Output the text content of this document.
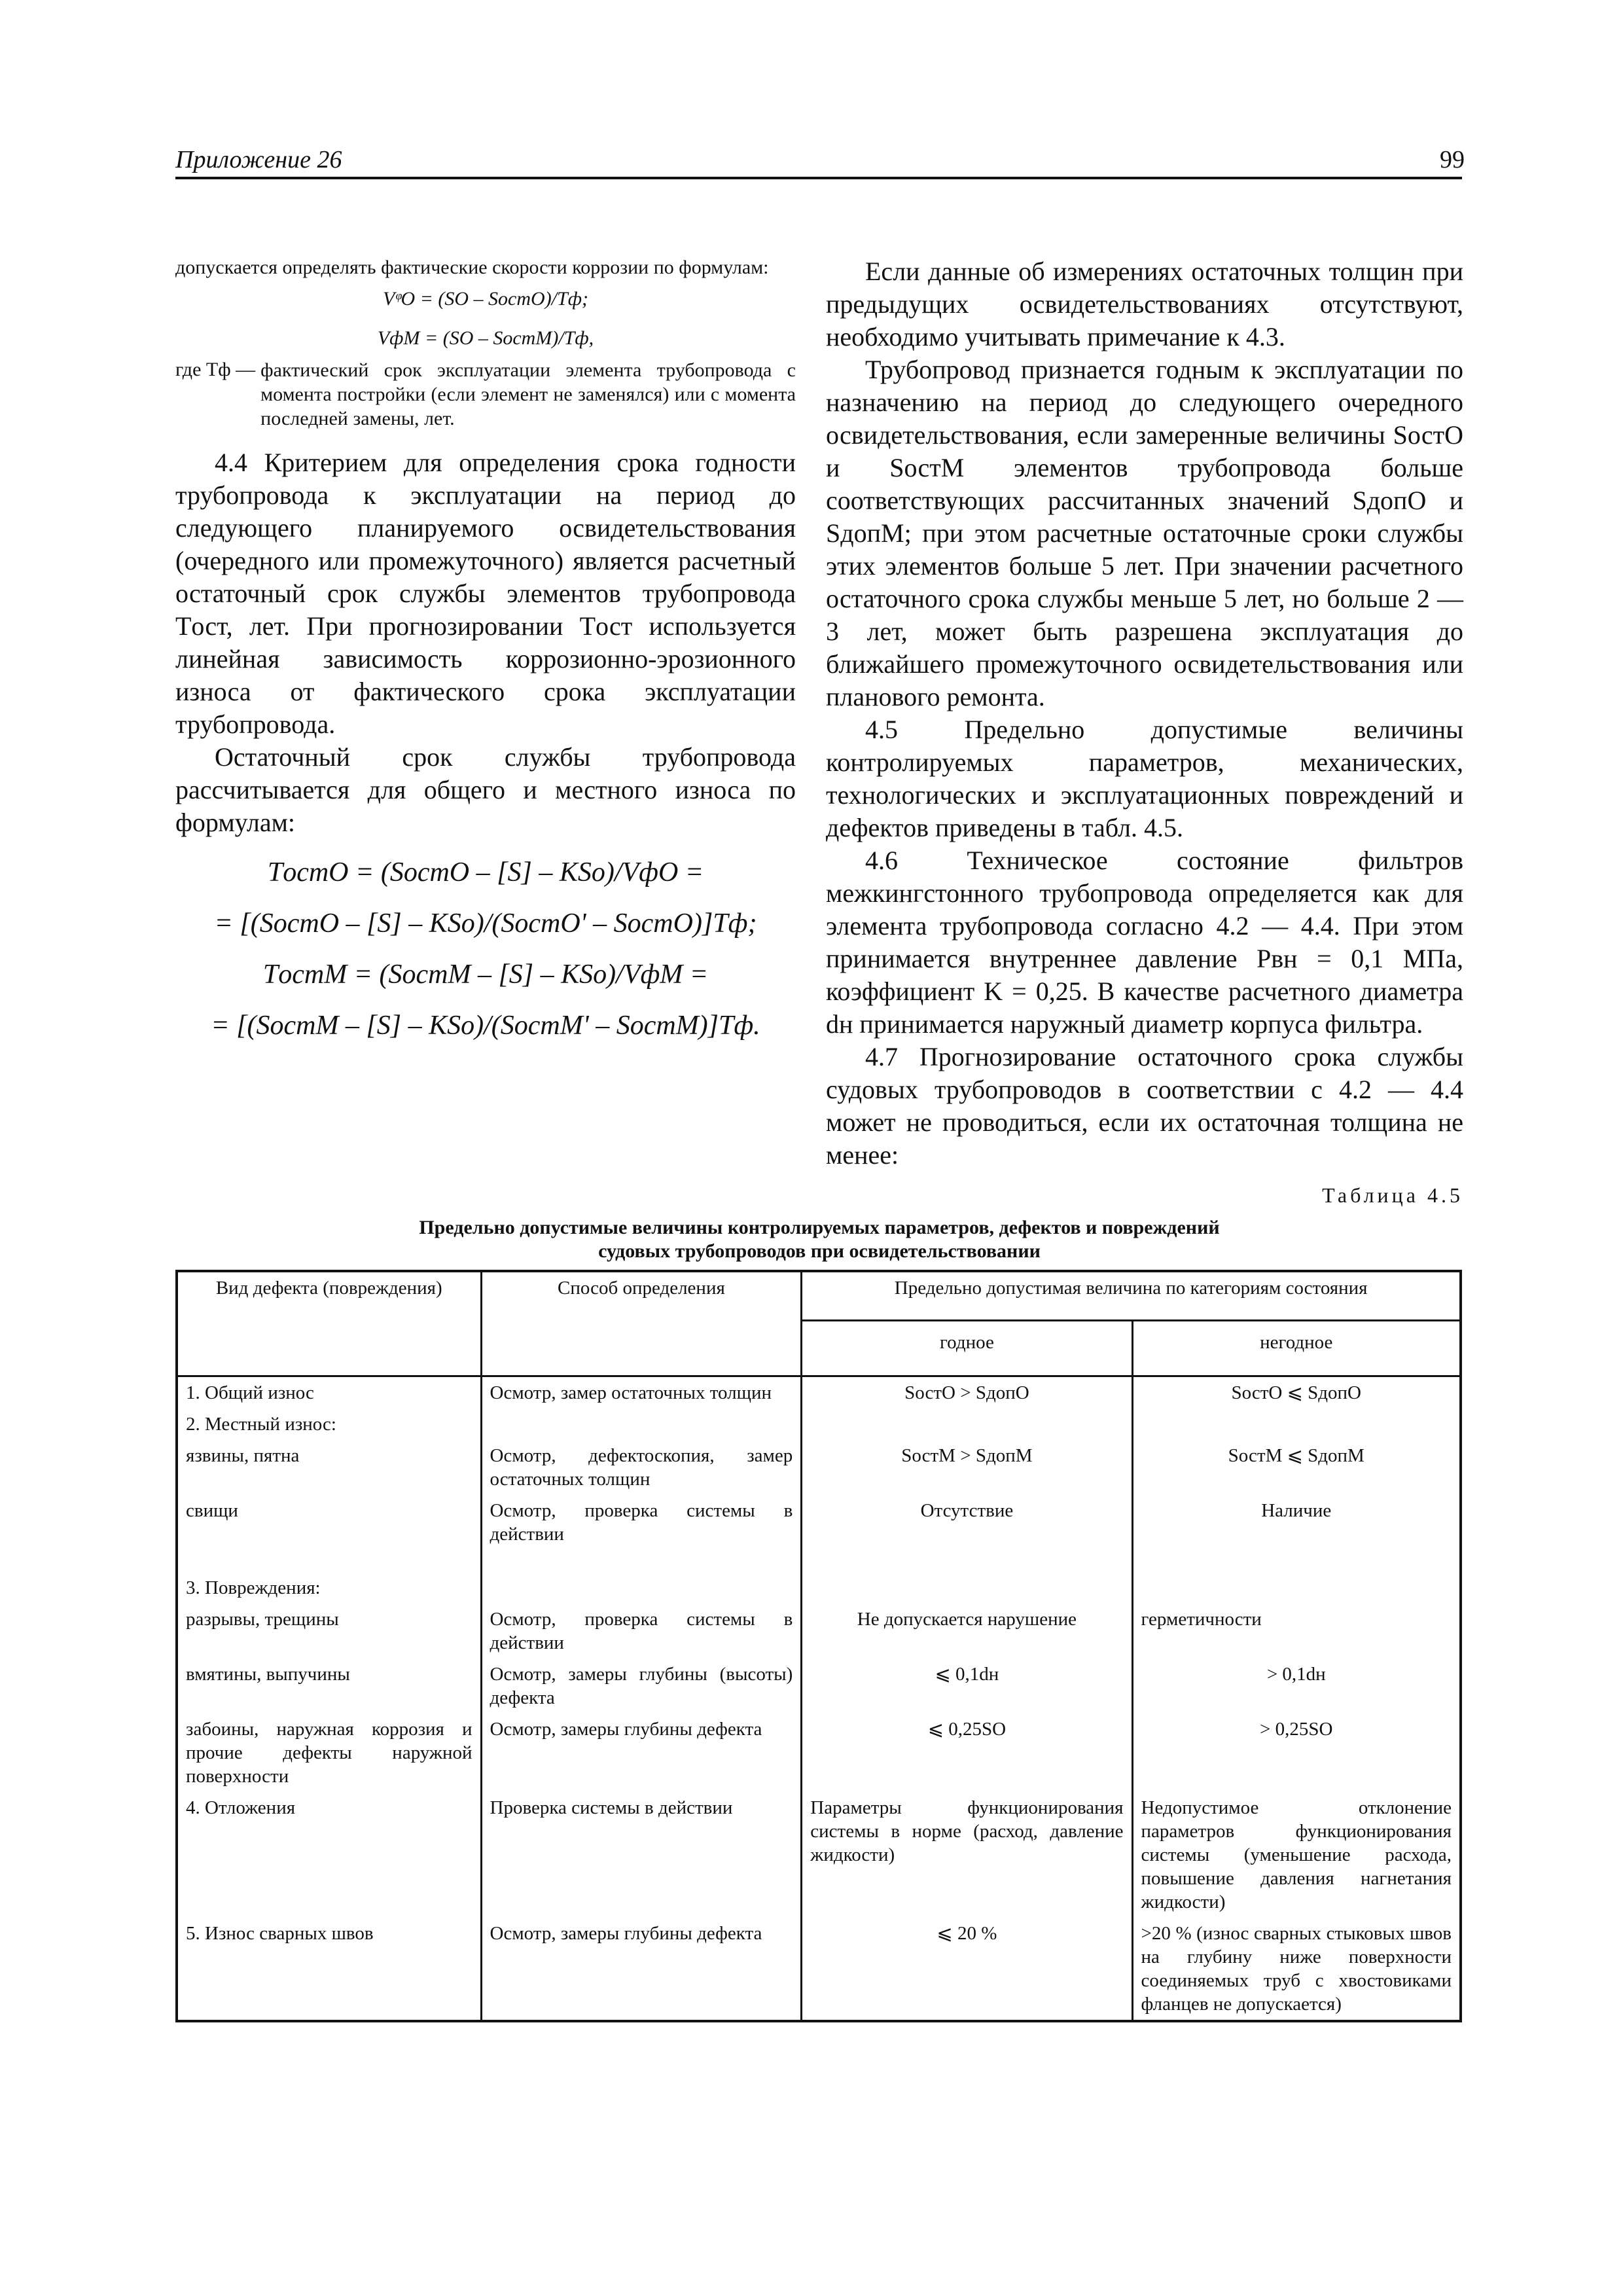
Приложение 26	99

допускается определять фактические скорости коррозии по формулам:

VᵠO = (SO – SостO)/Tф;
VфM = (SO – SостM)/Tф,
где Tф — фактический срок эксплуатации элемента трубопровода с момента постройки (если элемент не заменялся) или с момента последней замены, лет.

4.4 Критерием для определения срока годности трубопровода к эксплуатации на период до следующего планируемого освидетельствования (очередного или промежуточного) является расчетный остаточный срок службы элементов трубопровода Tост, лет. При прогнозировании Tост используется линейная зависимость коррозионно-эрозионного износа от фактического срока эксплуатации трубопровода.

Остаточный срок службы трубопровода рассчитывается для общего и местного износа по формулам:

TостO = (SостO – [S] – KSо)/VфO =
= [(SостO – [S] – KSо)/(SостO' – SостO)]Tф;
TостM = (SостM – [S] – KSо)/VфM =
= [(SостM – [S] – KSо)/(SостM' – SостM)]Tф.

Если данные об измерениях остаточных толщин при предыдущих освидетельствованиях отсутствуют, необходимо учитывать примечание к 4.3.

Трубопровод признается годным к эксплуатации по назначению на период до следующего очередного освидетельствования, если замеренные величины SостO и SостM элементов трубопровода больше соответствующих рассчитанных значений SдопO и SдопM; при этом расчетные остаточные сроки службы этих элементов больше 5 лет. При значении расчетного остаточного срока службы меньше 5 лет, но больше 2 — 3 лет, может быть разрешена эксплуатация до ближайшего промежуточного освидетельствования или планового ремонта.

4.5 Предельно допустимые величины контролируемых параметров, механических, технологических и эксплуатационных повреждений и дефектов приведены в табл. 4.5.

4.6 Техническое состояние фильтров межкингстонного трубопровода определяется как для элемента трубопровода согласно 4.2 — 4.4. При этом принимается внутреннее давление Pвн = 0,1 МПа, коэффициент K = 0,25. В качестве расчетного диаметра dн принимается наружный диаметр корпуса фильтра.

4.7 Прогнозирование остаточного срока службы судовых трубопроводов в соответствии с 4.2 — 4.4 может не проводиться, если их остаточная толщина не менее:

Таблица 4.5
Предельно допустимые величины контролируемых параметров, дефектов и повреждений
судовых трубопроводов при освидетельствовании
Вид дефекта (повреждения)	Способ определения	Предельно допустимая величина по категориям состояния	
		годное	негодное
1. Общий износ	Осмотр, замер остаточных толщин	SостO > SдопO	SостO ⩽ SдопO
2. Местный износ:			
язвины, пятна	Осмотр, дефектоскопия, замер остаточных толщин	SостM > SдопM	SостM ⩽ SдопM
свищи	Осмотр, проверка системы в действии	Отсутствие	Наличие
3. Повреждения:			
разрывы, трещины	Осмотр, проверка системы в действии	Не допускается нарушение	герметичности
вмятины, выпучины	Осмотр, замеры глубины (высоты) дефекта	⩽ 0,1dн	> 0,1dн
забоины, наружная коррозия и прочие дефекты наружной поверхности	Осмотр, замеры глубины дефекта	⩽ 0,25SO	> 0,25SO
4. Отложения	Проверка системы в действии	Параметры функционирования системы в норме (расход, давление жидкости)	Недопустимое отклонение параметров функционирования системы (уменьшение расхода, повышение давления нагнетания жидкости)
5. Износ сварных швов	Осмотр, замеры глубины дефекта	⩽ 20 %	>20 % (износ сварных стыковых швов на глубину ниже поверхности соединяемых труб с хвостовиками фланцев не допускается)
